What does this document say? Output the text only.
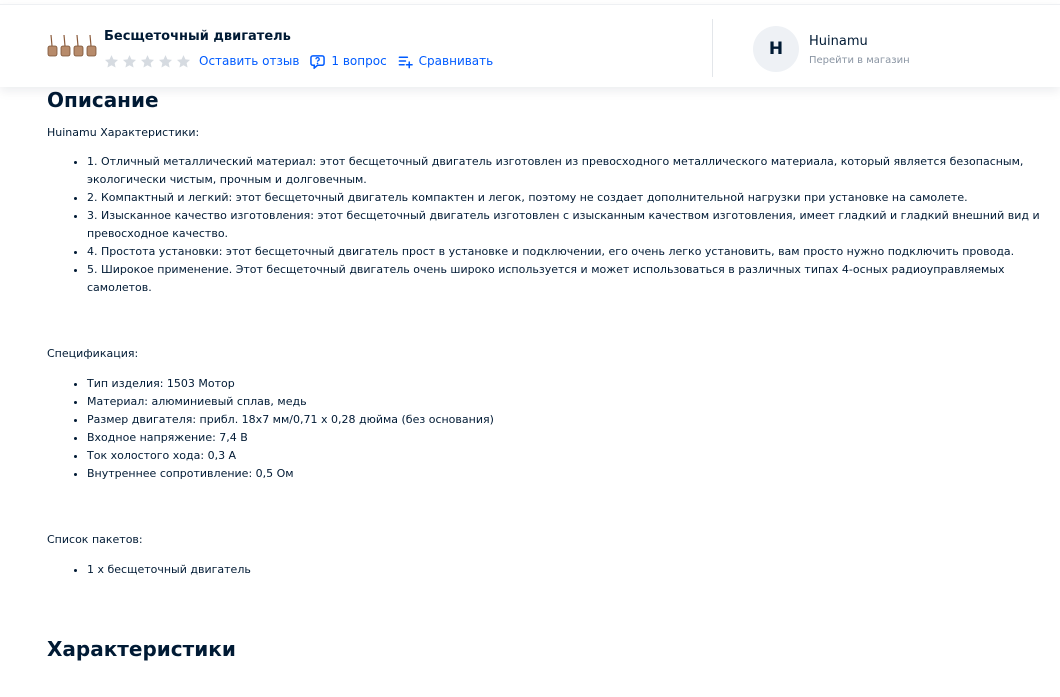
Бесщеточный двигатель
Оставить отзыв	1 вопрос	Сравнивать
H	Huinamu
Перейти в магазин
Описание

Huinamu Характеристики:

• 1. Отличный металлический материал: этот бесщеточный двигатель изготовлен из превосходного металлического материала, который является безопасным,
экологически чистым, прочным и долговечным.
• 2. Компактный и легкий: этот бесщеточный двигатель компактен и легок, поэтому не создает дополнительной нагрузки при установке на самолете.
• 3. Изысканное качество изготовления: этот бесщеточный двигатель изготовлен с изысканным качеством изготовления, имеет гладкий и гладкий внешний вид и
превосходное качество.
• 4. Простота установки: этот бесщеточный двигатель прост в установке и подключении, его очень легко установить, вам просто нужно подключить провода.
• 5. Широкое применение. Этот бесщеточный двигатель очень широко используется и может использоваться в различных типах 4-осных радиоуправляемых
самолетов.

Спецификация:

• Тип изделия: 1503 Мотор
• Материал: алюминиевый сплав, медь
• Размер двигателя: прибл. 18х7 мм/0,71 х 0,28 дюйма (без основания)
• Входное напряжение: 7,4 В
• Ток холостого хода: 0,3 А
• Внутреннее сопротивление: 0,5 Ом

Список пакетов:

• 1 х бесщеточный двигатель
Характеристики
